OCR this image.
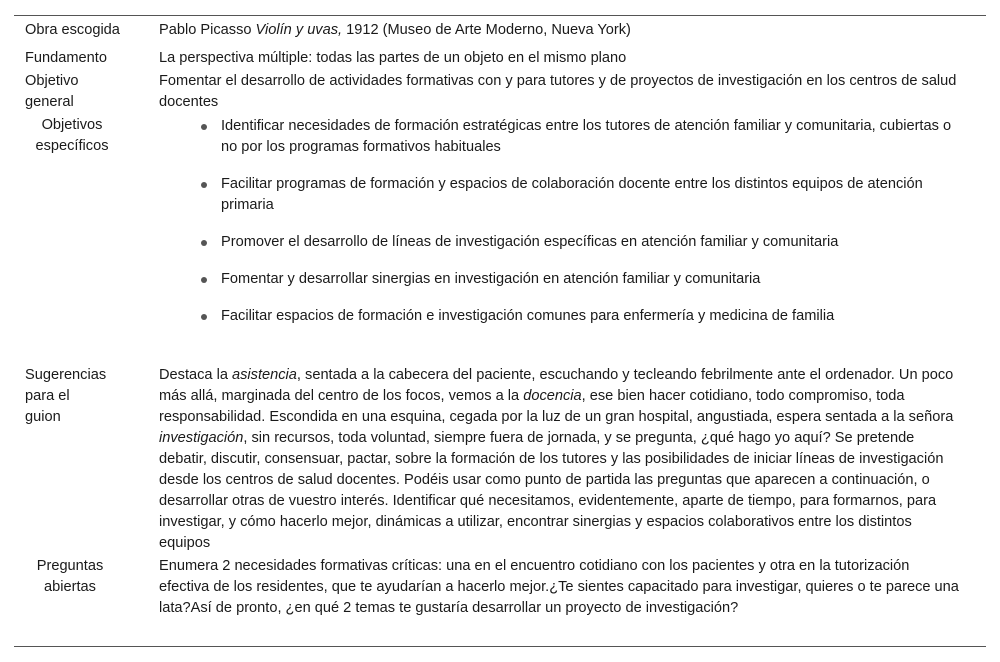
Obra escogida	Pablo Picasso Violín y uvas, 1912 (Museo de Arte Moderno, Nueva York)
Fundamento	La perspectiva múltiple: todas las partes de un objeto en el mismo plano
Objetivo
general
Fomentar el desarrollo de actividades formativas con y para tutores y de proyectos de investigación en los centros de salud docentes
Objetivos
específicos
Identificar necesidades de formación estratégicas entre los tutores de atención familiar y comunitaria, cubiertas o no por los programas formativos habituales
Facilitar programas de formación y espacios de colaboración docente entre los distintos equipos de atención primaria
Promover el desarrollo de líneas de investigación específicas en atención familiar y comunitaria
Fomentar y desarrollar sinergias en investigación en atención familiar y comunitaria
Facilitar espacios de formación e investigación comunes para enfermería y medicina de familia
Sugerencias
para el
guion
Destaca la asistencia, sentada a la cabecera del paciente, escuchando y tecleando febrilmente ante el ordenador. Un poco más allá, marginada del centro de los focos, vemos a la docencia, ese bien hacer cotidiano, todo compromiso, toda responsabilidad. Escondida en una esquina, cegada por la luz de un gran hospital, angustiada, espera sentada a la señora investigación, sin recursos, toda voluntad, siempre fuera de jornada, y se pregunta, ¿qué hago yo aquí? Se pretende debatir, discutir, consensuar, pactar, sobre la formación de los tutores y las posibilidades de iniciar líneas de investigación desde los centros de salud docentes. Podéis usar como punto de partida las preguntas que aparecen a continuación, o desarrollar otras de vuestro interés. Identificar qué necesitamos, evidentemente, aparte de tiempo, para formarnos, para investigar, y cómo hacerlo mejor, dinámicas a utilizar, encontrar sinergias y espacios colaborativos entre los distintos equipos
Preguntas
abiertas
Enumera 2 necesidades formativas críticas: una en el encuentro cotidiano con los pacientes y otra en la tutorización efectiva de los residentes, que te ayudarían a hacerlo mejor.¿Te sientes capacitado para investigar, quieres o te parece una lata?Así de pronto, ¿en qué 2 temas te gustaría desarrollar un proyecto de investigación?
